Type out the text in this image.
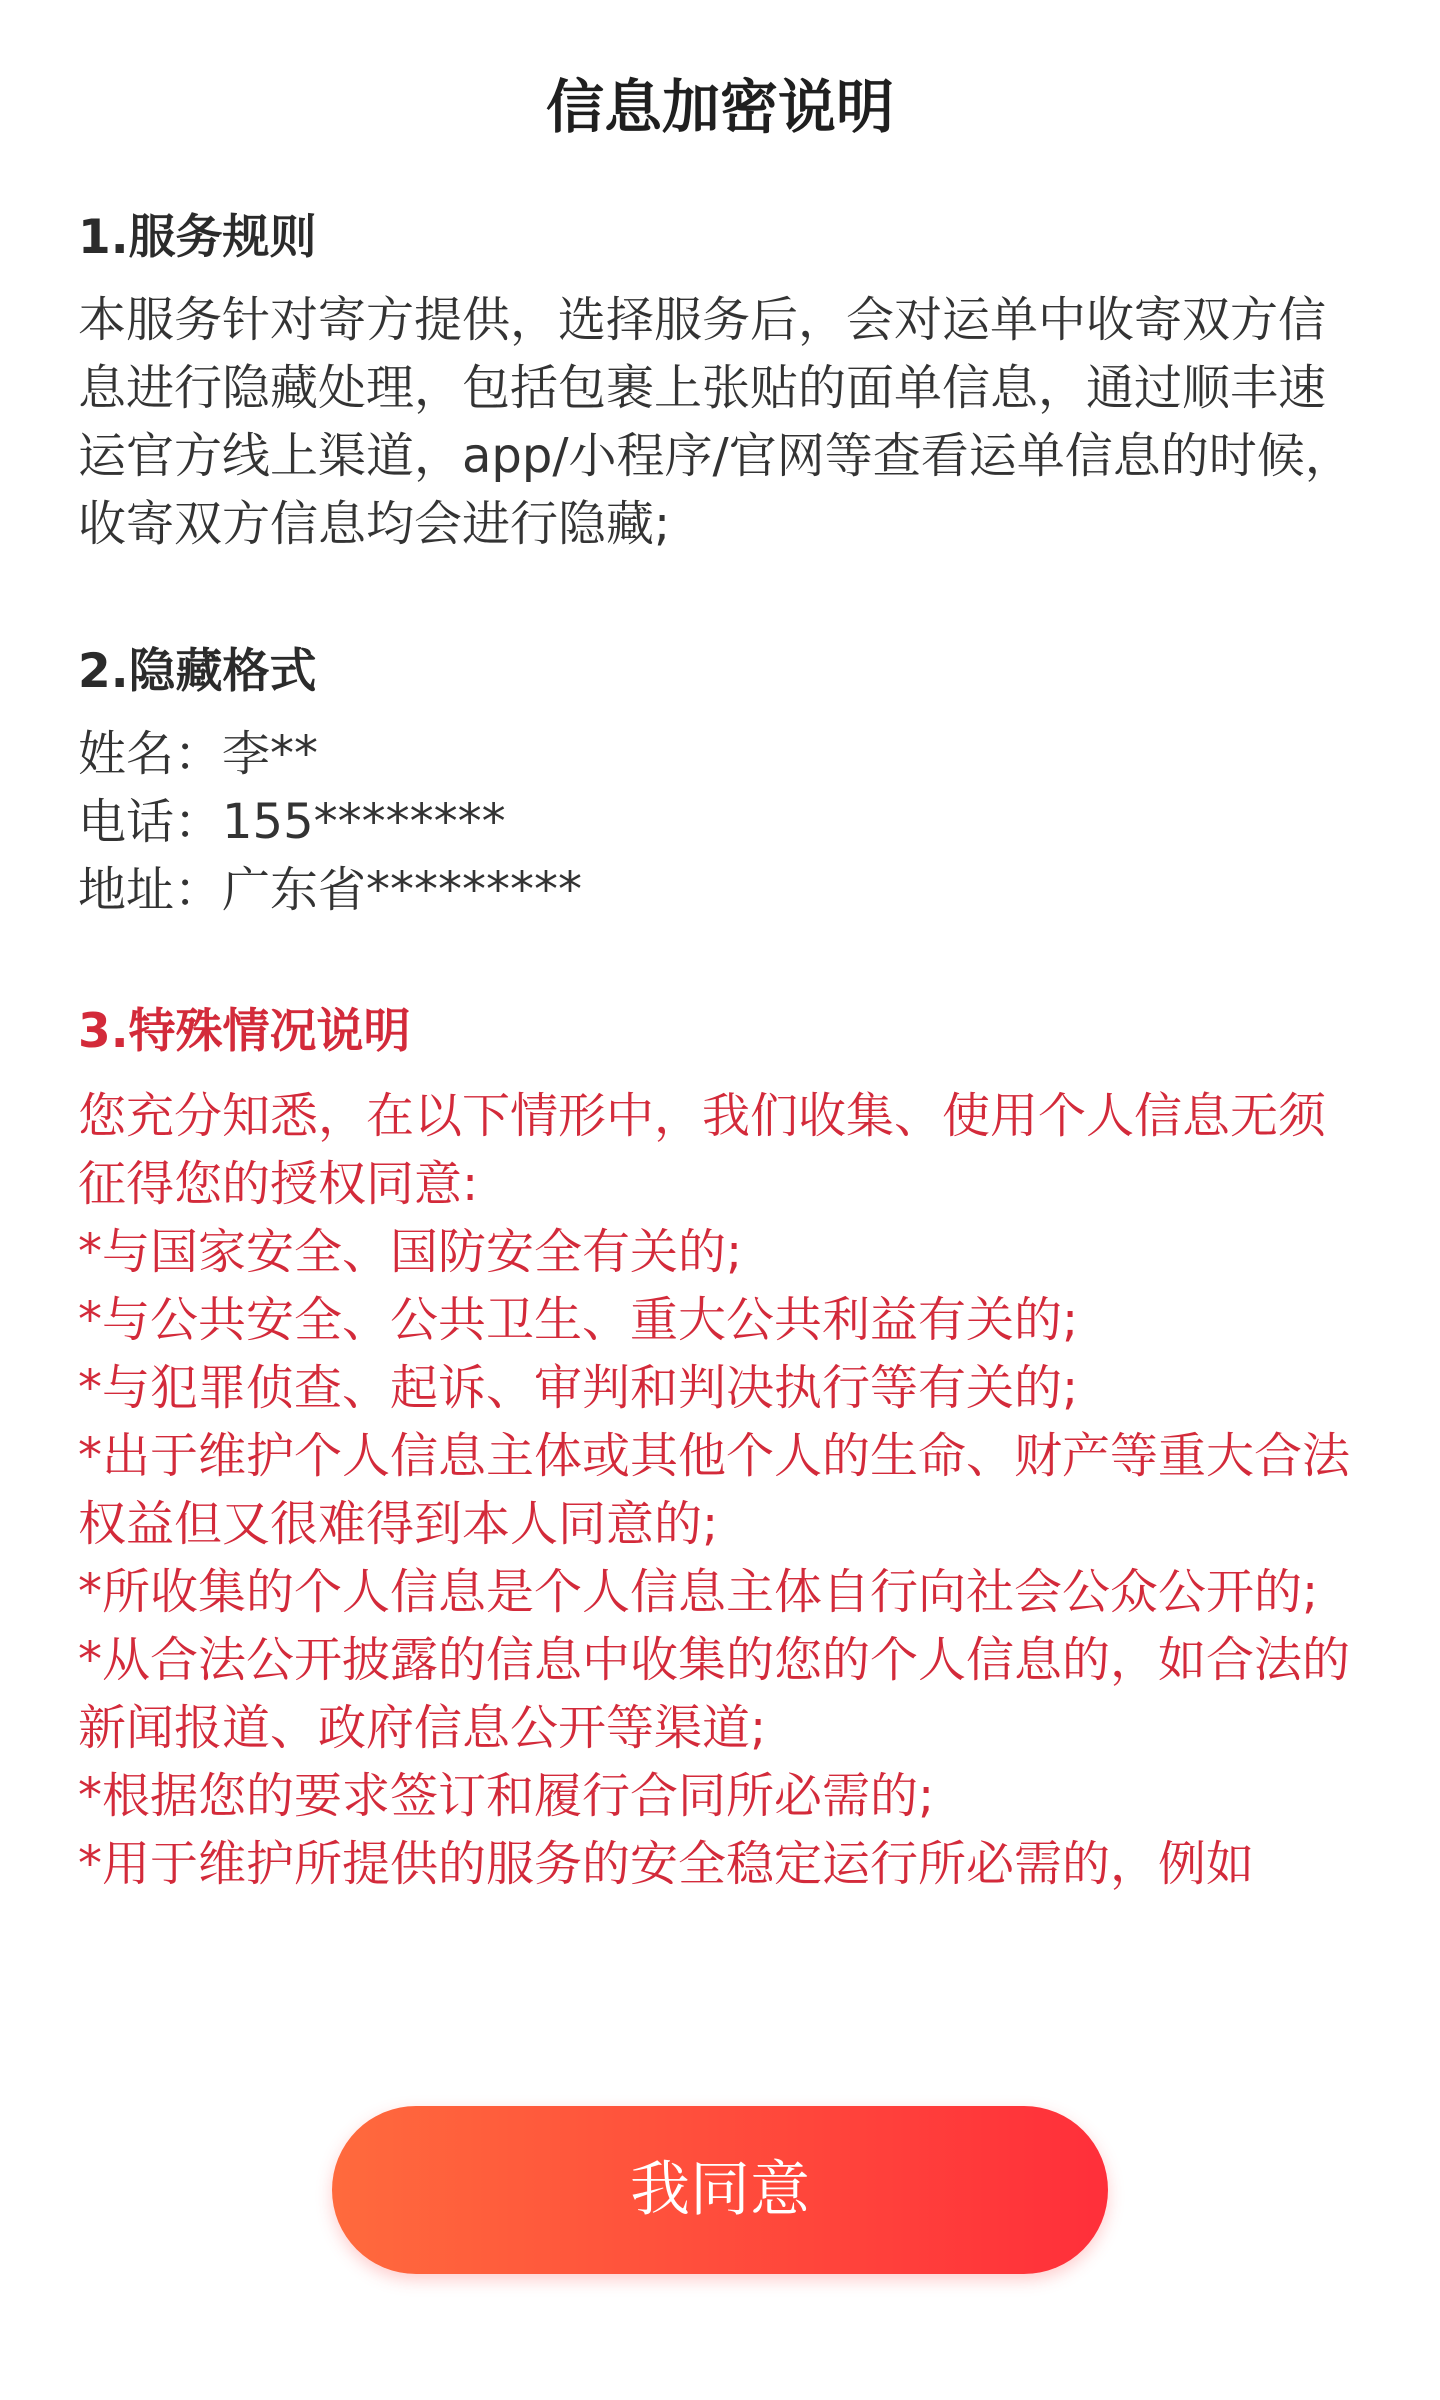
信息加密说明

1.服务规则

本服务针对寄方提供，选择服务后，会对运单中收寄双方信息进行隐藏处理，包括包裹上张贴的面单信息，通过顺丰速运官方线上渠道，app/小程序/官网等查看运单信息的时候，收寄双方信息均会进行隐藏;

2.隐藏格式

姓名：李**
电话：155********
地址：广东省*********

3.特殊情况说明

您充分知悉，在以下情形中，我们收集、使用个人信息无须征得您的授权同意:

*与国家安全、国防安全有关的;
*与公共安全、公共卫生、重大公共利益有关的;
*与犯罪侦查、起诉、审判和判决执行等有关的;
*出于维护个人信息主体或其他个人的生命、财产等重大合法权益但又很难得到本人同意的;
*所收集的个人信息是个人信息主体自行向社会公众公开的;
*从合法公开披露的信息中收集的您的个人信息的，如合法的新闻报道、政府信息公开等渠道;
*根据您的要求签订和履行合同所必需的;
*用于维护所提供的服务的安全稳定运行所必需的，例如
我同意
